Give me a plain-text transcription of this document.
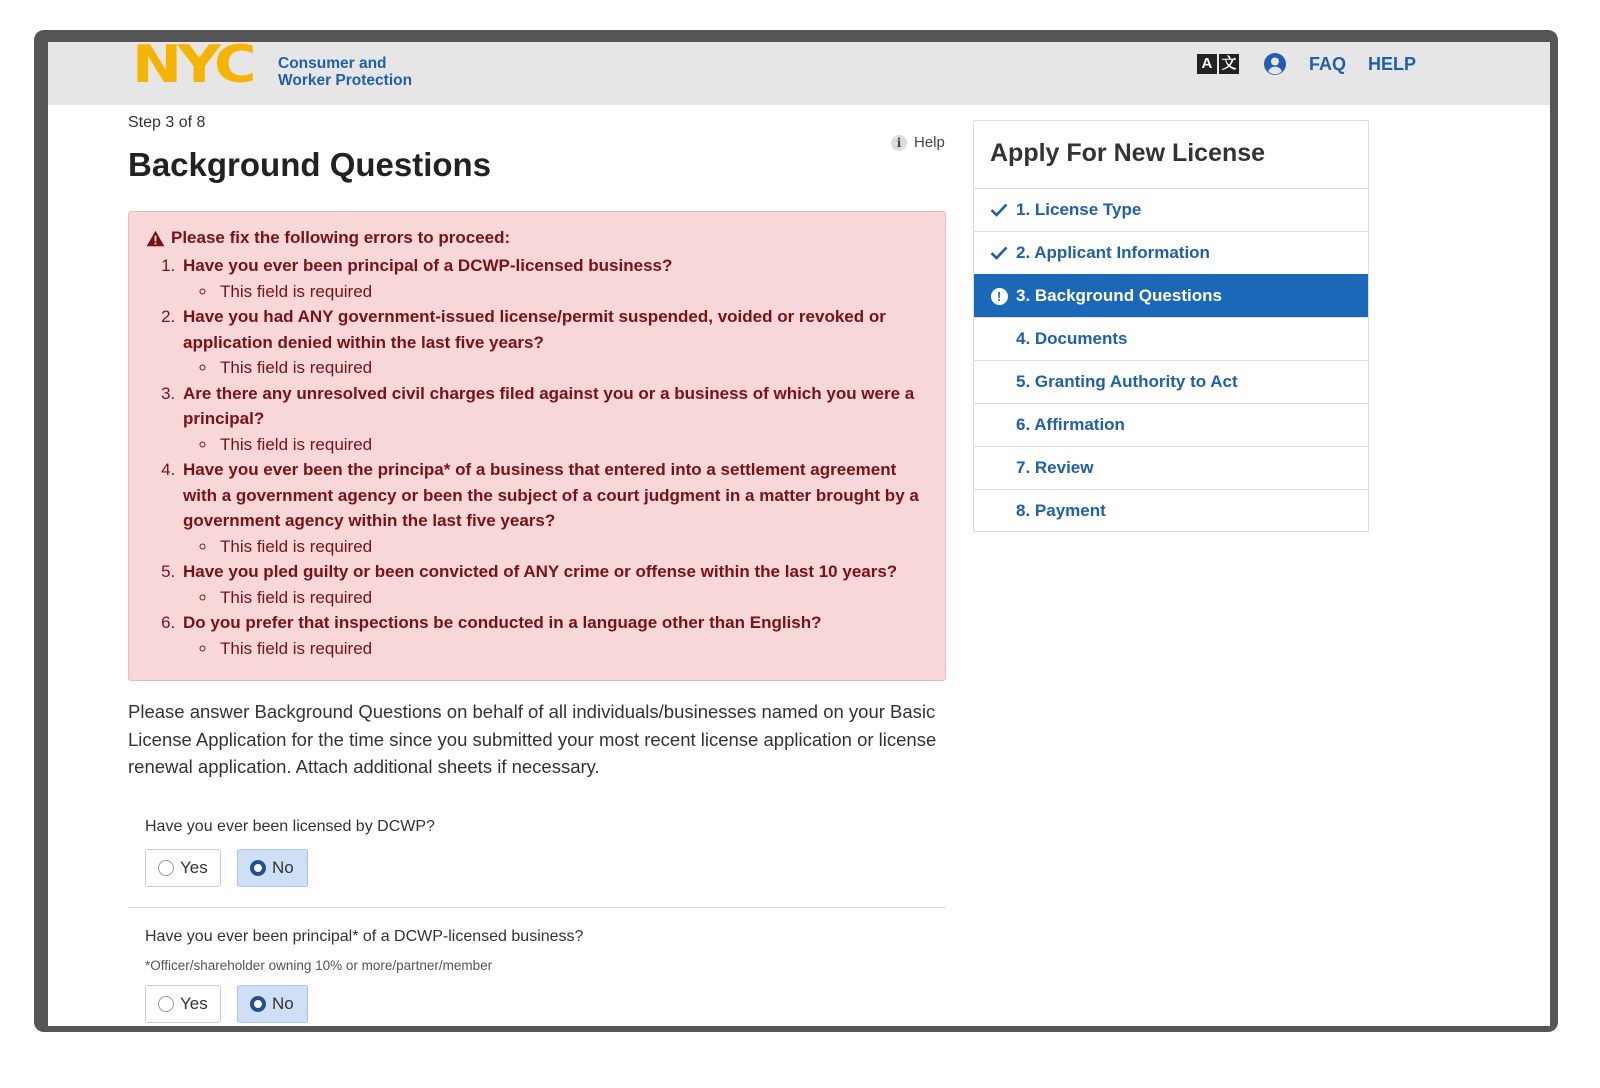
NYC Consumer and
Worker Protection
A 文	FAQ HELP
Step 3 of 8
Background Questions
i Help
Please fix the following errors to proceed:
1. Have you ever been principal of a DCWP-licensed business?
◦ This field is required
2. Have you had ANY government-issued license/permit suspended, voided or revoked or application denied within the last five years?
◦ This field is required
3. Are there any unresolved civil charges filed against you or a business of which you were a principal?
◦ This field is required
4. Have you ever been the principa* of a business that entered into a settlement agreement with a government agency or been the subject of a court judgment in a matter brought by a government agency within the last five years?
◦ This field is required
5. Have you pled guilty or been convicted of ANY crime or offense within the last 10 years?
◦ This field is required
6. Do you prefer that inspections be conducted in a language other than English?
◦ This field is required

Please answer Background Questions on behalf of all individuals/businesses named on your Basic License Application for the time since you submitted your most recent license application or license renewal application. Attach additional sheets if necessary.

Have you ever been licensed by DCWP?
Yes	No
Have you ever been principal* of a DCWP-licensed business?
*Officer/shareholder owning 10% or more/partner/member
Yes	No
Apply For New License
1. License Type
2. Applicant Information
! 3. Background Questions
4. Documents
5. Granting Authority to Act
6. Affirmation
7. Review
8. Payment
